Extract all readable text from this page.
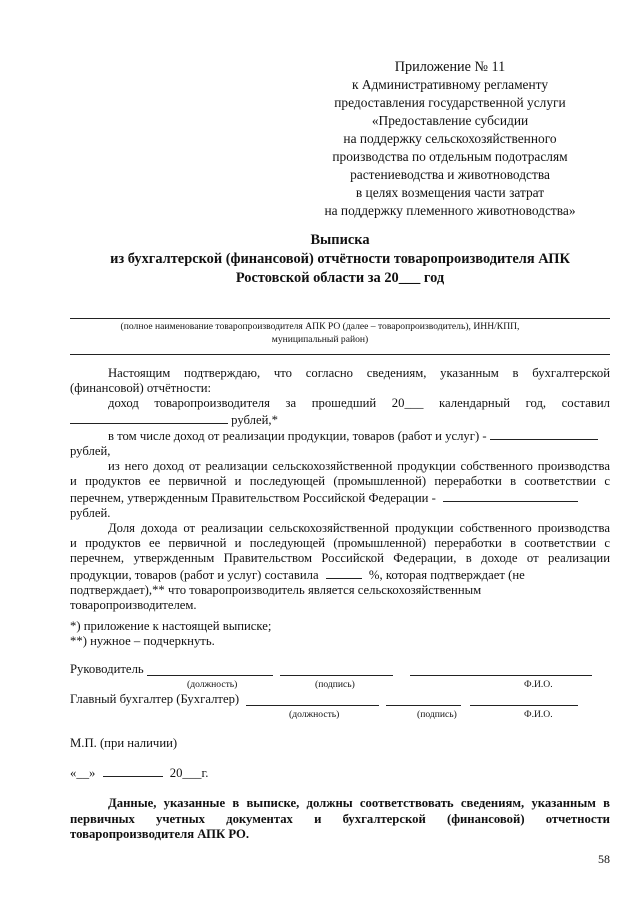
Приложение № 11
к Административному регламенту
предоставления государственной услуги
«Предоставление субсидии
на поддержку сельскохозяйственного
производства по отдельным подотраслям
растениеводства и животноводства
в целях возмещения части затрат
на поддержку племенного животноводства»
Выписка
из бухгалтерской (финансовой) отчётности товаропроизводителя АПК
Ростовской области за 20___ год
(полное наименование товаропроизводителя АПК РО (далее – товаропроизводитель), ИНН/КПП,
муниципальный район)
Настоящим подтверждаю, что согласно сведениям, указанным в бухгалтерской
(финансовой) отчётности:
доход товаропроизводителя за прошедший 20___ календарный год, составил
рублей,*
в том числе доход от реализации продукции, товаров (работ и услуг) -
рублей,
из него доход от реализации сельскохозяйственной продукции собственного производства
и продуктов ее первичной и последующей (промышленной) переработки в соответствии с
перечнем, утвержденным Правительством Российской Федерации -
рублей.
Доля дохода от реализации сельскохозяйственной продукции собственного производства
и продуктов ее первичной и последующей (промышленной) переработки в соответствии с
перечнем, утвержденным Правительством Российской Федерации, в доходе от реализации
продукции, товаров (работ и услуг) составила	%, которая подтверждает (не
подтверждает),** что товаропроизводитель является сельскохозяйственным
товаропроизводителем.
*) приложение к настоящей выписке;
**) нужное – подчеркнуть.
Руководитель
(должность)	(подпись)	Ф.И.О.
Главный бухгалтер (Бухгалтер)
(должность)	(подпись)	Ф.И.О.
М.П. (при наличии)
«__»	20___г.
Данные, указанные в выписке, должны соответствовать сведениям, указанным в
первичных учетных документах и бухгалтерской (финансовой) отчетности
товаропроизводителя АПК РО.
58
